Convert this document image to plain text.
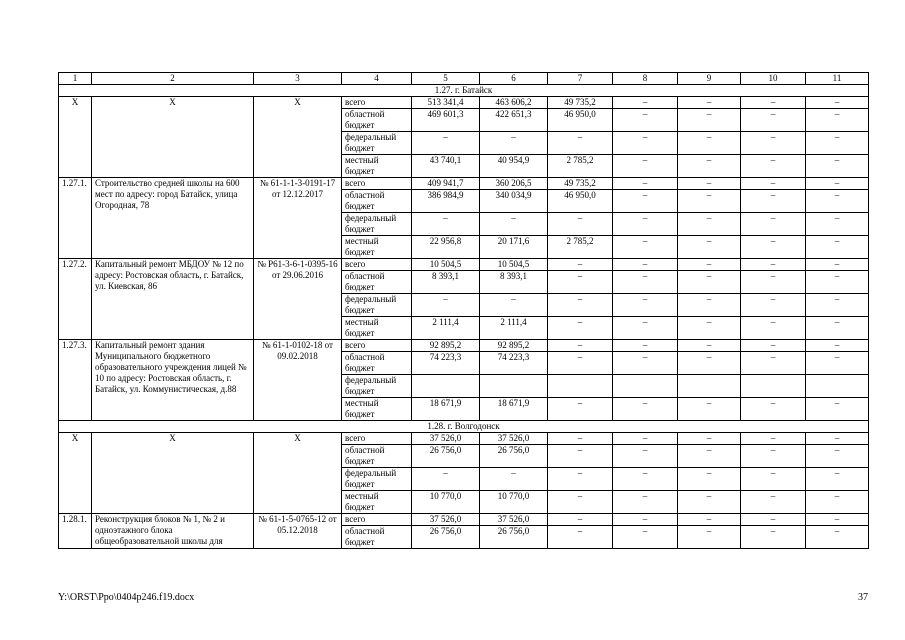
1	2	3	4	5	6	7	8	9	10	11
1.27. г. Батайск										
Х	Х	Х	всего	513 341,4	463 606,2	49 735,2	–	–	–	–
			областной бюджет	469 601,3	422 651,3	46 950,0	–	–	–	–
			федеральный бюджет	–	–	–	–	–	–	–
			местный бюджет	43 740,1	40 954,9	2 785,2	–	–	–	–
1.27.1.	Строительство средней школы на 600 мест по адресу: город Батайск, улица Огородная, 78	№ 61-1-1-3-0191-17 от 12.12.2017	всего	409 941,7	360 206,5	49 735,2	–	–	–	–
			областной бюджет	386 984,9	340 034,9	46 950,0	–	–	–	–
			федеральный бюджет	–	–	–	–	–	–	–
			местный бюджет	22 956,8	20 171,6	2 785,2	–	–	–	–
1.27.2.	Капитальный ремонт МБДОУ № 12 по адресу: Ростовская область, г. Батайск, ул. Киевская, 86	№ Р61-3-6-1-0395-16 от 29.06.2016	всего	10 504,5	10 504,5	–	–	–	–	–
			областной бюджет	8 393,1	8 393,1	–	–	–	–	–
			федеральный бюджет	–	–	–	–	–	–	–
			местный бюджет	2 111,4	2 111,4	–	–	–	–	–
1.27.3.	Капитальный ремонт здания Муниципального бюджетного образовательного учреждения лицей № 10 по адресу: Ростовская область, г. Батайск, ул. Коммунистическая, д.88	№ 61-1-0102-18 от 09.02.2018	всего	92 895,2	92 895,2	–	–	–	–	–
			областной бюджет	74 223,3	74 223,3	–	–	–	–	–
			федеральный бюджет							
			местный бюджет	18 671,9	18 671,9	–	–	–	–	–
1.28. г. Волгодонск										
Х	Х	Х	всего	37 526,0	37 526,0	–	–	–	–	–
			областной бюджет	26 756,0	26 756,0	–	–	–	–	–
			федеральный бюджет	–	–	–	–	–	–	–
			местный бюджет	10 770,0	10 770,0	–	–	–	–	–
1.28.1.	Реконструкция блоков № 1, № 2 и одноэтажного блока общеобразовательной школы для	№ 61-1-5-0765-12 от 05.12.2018	всего	37 526,0	37 526,0	–	–	–	–	–
			областной бюджет	26 756,0	26 756,0	–	–	–	–	–
Y:\ORST\Ppo\0404p246.f19.docx	37
